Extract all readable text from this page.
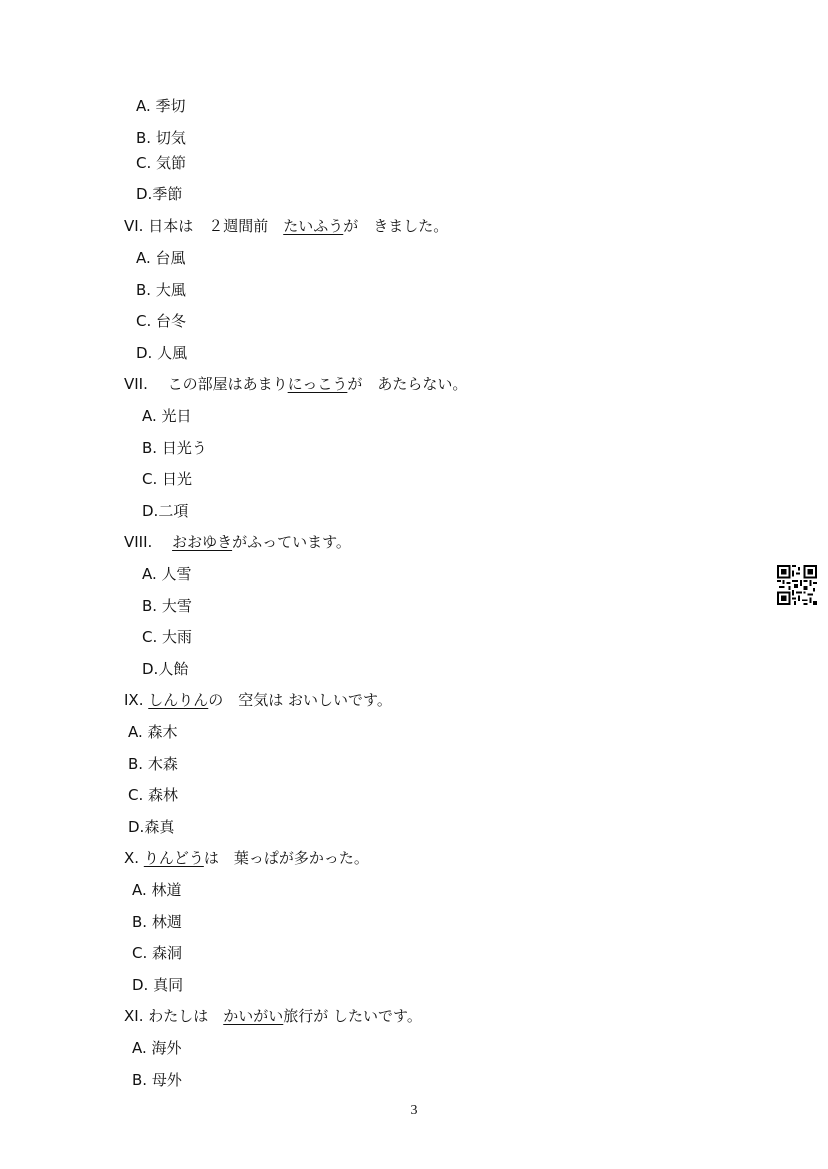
A. 季切
B. 切気
C. 気節
D.季節
VI. 日本は　２週間前　たいふうが　きました。
A. 台風
B. 大風
C. 台冬
D. 人風
VII.　 この部屋はあまりにっこうが　あたらない。
A. 光日
B. 日光う
C. 日光
D.二項
VIII.　 おおゆきがふっています。
A. 人雪
B. 大雪
C. 大雨
D.人飴
IX. しんりんの　空気は おいしいです。
A. 森木
B. 木森
C. 森林
D.森真
X. りんどうは　葉っぱが多かった。
A. 林道
B. 林週
C. 森洞
D. 真同
XI. わたしは　かいがい旅行が したいです。
A. 海外
B. 母外
3
